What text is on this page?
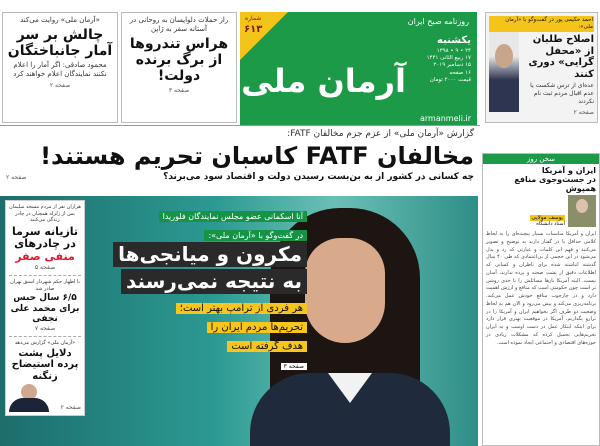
«آرمان ملی» روایت می‌کند
چالش بر سر آمار جانباختگان
محمود صادقی: اگر آمار را اعلام نکنند نمایندگان اعلام خواهند کرد
صفحه ۲
راز حملات دلواپسان به روحانی در آستانه سفر به ژاپن
هراس تندروها از برگ برنده دولت!
صفحه ۳
شماره
۶۱۳
آرمان ملی
روزنامه صبح ایران
یکشنبه
۲۴ • ۹ • ۱۳۹۸
۱۷ ربیع الثانی ۱۴۴۱
۱۵ دسامبر ۲۰۱۹
۱۶ صفحه
قیمت ۲۰۰۰ تومان
armanmeli.ir
احمد حکیمی پور در گفت‌وگو با «آرمان ملی»:
اصلاح طلبان از «محفل گرایی» دوری کنند
عده‌ای از ترس شکست یا عدم اقبال مردم ثبت نام نکردند
صفحه ۲
گزارش «آرمان ملی» از عزم جزم مخالفان FATF:
مخالفان FATF کاسبان تحریم هستند!
چه کسانی در کشور از به بن‌بست رسیدن دولت و اقتصاد سود می‌برند؟
صفحه ۲
آنا اسکمانی عضو مجلس نمایندگان فلوریدا
در گفت‌وگو با «آرمان ملی»:
مکرون و میانجی‌ها
به نتیجه نمی‌رسند
هر فردی از ترامپ بهتر است؛
تحریم‌ها مردم ایران را
هدف گرفته است
صفحه ۳
هزاران نفر از مردم مسجد سلیمان پس از زلزله همچنان در چادر زندگی می‌کنند
تازیانه سرما در چادرهای
منفی صفر
صفحه ۵
با اظهار حکم شهردار اسبق تهران صادر شد
۶/۵ سال حبس برای محمد علی نجفی
صفحه ۷
«آرمان ملی» گزارش می‌دهد
دلایل پشت پرده استیضاح زنگنه
صفحه ۲
سخن روز
ایران و آمریکا
در جست‌وجوی منافع همپوش
یوسف مولایی
استاد دانشگاه
ایران و آمریکا مناسبات بسیار پیچیده‌ای را به لحاظ کلامی حداقل یا در گفتار دارند به توضیح و تصویر می‌کنند و فهم این کلمات و عبارتی که رد و بدل می‌شود در این حجمی از بی‌اعتمادی که طی ۴۰ سال گذشته انباشته شده برای ناظران و کسانی که اطلاعات دقیق از پشت صحنه و پرده ندارند، آسان نیست. البته آمریکا بارها مسائلش را تا حدی روشن تر است چون حکومتی است که منافع و ارزش اهمیت دارد و در چارچوب منافع خودش عمل می‌کند. برنامه‌ریزی می‌کند و پیش می‌رود و الان هم به لحاظ وضعیت دو طرف اگر بخواهیم ایران و آمریکا را در ترازو بگذاریم، آمریکا در موقعیت بهتری قرار دارد برای اینکه ابتکار عمل در دست اوست و به ایران تحریم‌هایی تحمیل کرده که مشکلات زیادی در حوزه‌های اقتصادی و اجتماعی ایجاد نموده است.
